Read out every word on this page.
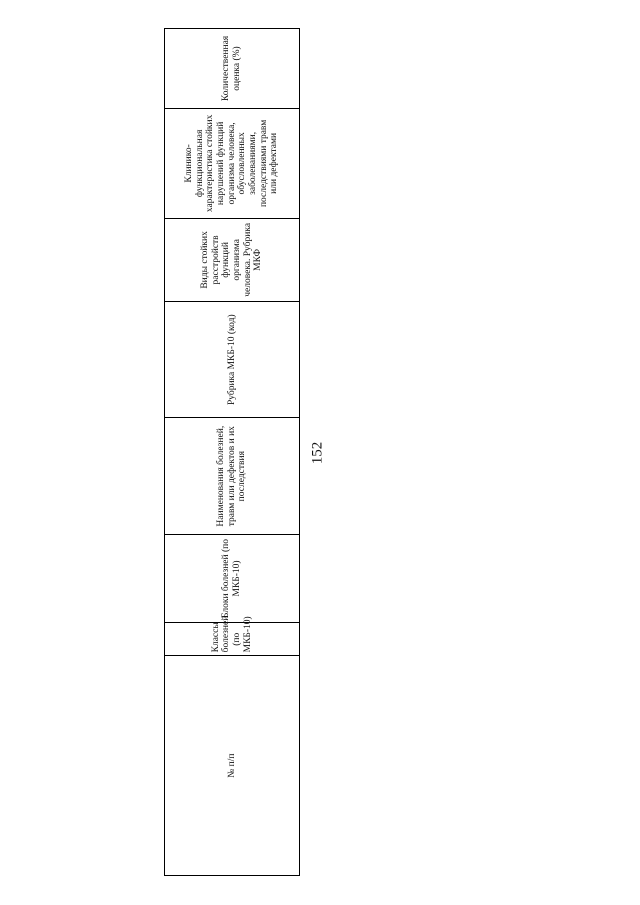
152
№ п/п	Классы болезней (по МКБ-10)	Блоки болезней (по МКБ-10)	Наименования болезней, травм или дефектов и их последствия	Рубрика МКБ-10 (код)	Виды стойких расстройств функций организма человека. Рубрика МКФ	Клинико-функциональная характеристика стойких нарушений функций организма человека, обусловленных заболеваниями, последствиями травм или дефектами	Количественная оценка (%)
